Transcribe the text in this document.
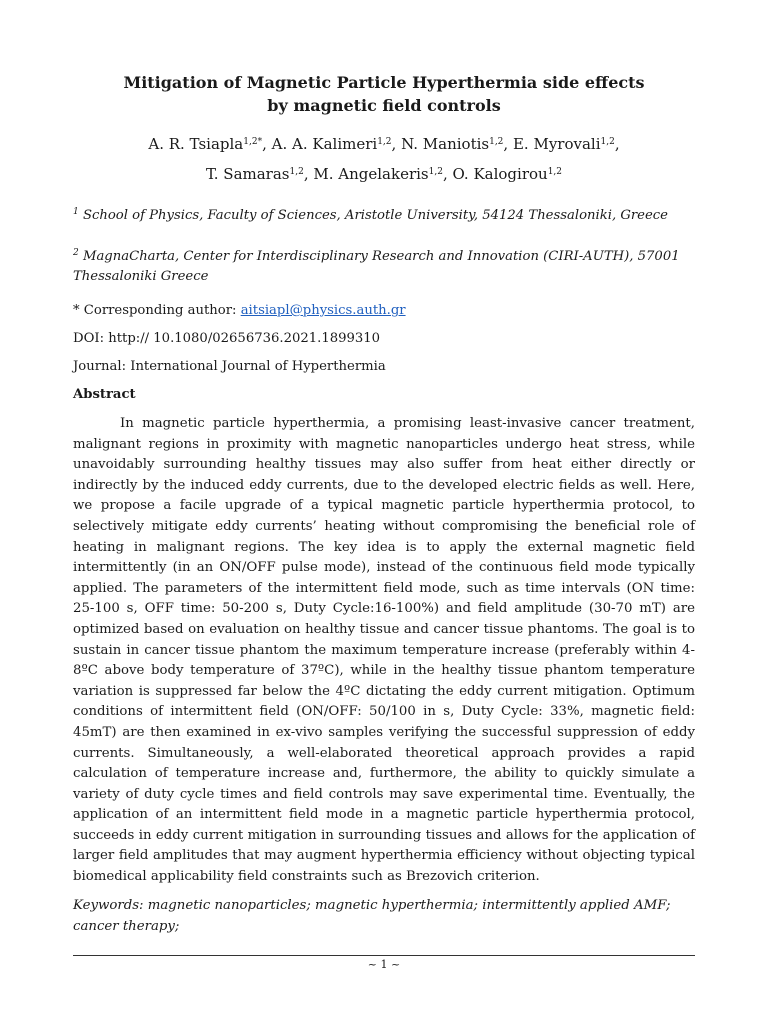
Mitigation of Magnetic Particle Hyperthermia side effects
by magnetic field controls
A. R. Tsiapla$^{1,2*}$, A. A. Kalimeri$^{1,2}$, N. Maniotis$^{1,2}$, E. Myrovali$^{1,2}$,
T. Samaras$^{1,2}$, M. Angelakeris$^{1,2}$, O. Kalogirou$^{1,2}$
$^1$ School of Physics, Faculty of Sciences, Aristotle University, 54124 Thessaloniki, Greece
$^2$ MagnaCharta, Center for Interdisciplinary Research and Innovation (CIRI-AUTH), 57001 Thessaloniki Greece
* Corresponding author: aitsiapl@physics.auth.gr
DOI: http:// 10.1080/02656736.2021.1899310
Journal: International Journal of Hyperthermia
Abstract

In magnetic particle hyperthermia, a promising least-invasive cancer treatment, malignant regions in proximity with magnetic nanoparticles undergo heat stress, while unavoidably surrounding healthy tissues may also suffer from heat either directly or indirectly by the induced eddy currents, due to the developed electric fields as well. Here, we propose a facile upgrade of a typical magnetic particle hyperthermia protocol, to selectively mitigate eddy currents’ heating without compromising the beneficial role of heating in malignant regions. The key idea is to apply the external magnetic field intermittently (in an ON/OFF pulse mode), instead of the continuous field mode typically applied. The parameters of the intermittent field mode, such as time intervals (ON time: 25-100 s, OFF time: 50-200 s, Duty Cycle:16-100%) and field amplitude (30-70 mT) are optimized based on evaluation on healthy tissue and cancer tissue phantoms. The goal is to sustain in cancer tissue phantom the maximum temperature increase (preferably within 4-8ºC above body temperature of 37ºC), while in the healthy tissue phantom temperature variation is suppressed far below the 4ºC dictating the eddy current mitigation. Optimum conditions of intermittent field (ON/OFF: 50/100 in s, Duty Cycle: 33%, magnetic field: 45mT) are then examined in ex-vivo samples verifying the successful suppression of eddy currents. Simultaneously, a well-elaborated theoretical approach provides a rapid calculation of temperature increase and, furthermore, the ability to quickly simulate a variety of duty cycle times and field controls may save experimental time. Eventually, the application of an intermittent field mode in a magnetic particle hyperthermia protocol, succeeds in eddy current mitigation in surrounding tissues and allows for the application of larger field amplitudes that may augment hyperthermia efficiency without objecting typical biomedical applicability field constraints such as Brezovich criterion.

Keywords: magnetic nanoparticles; magnetic hyperthermia; intermittently applied AMF; cancer therapy;

~ 1 ~
